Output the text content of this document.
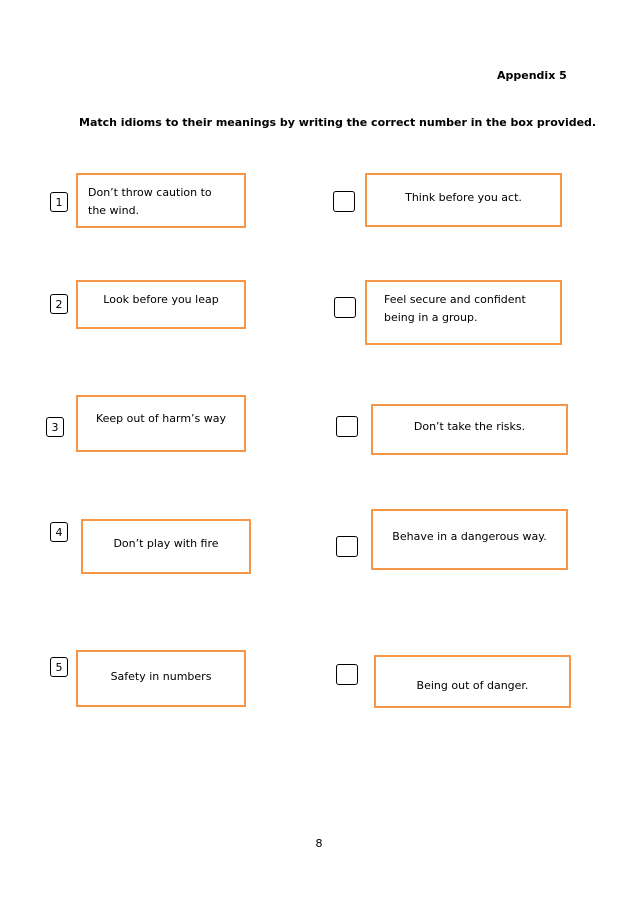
Appendix 5
Match idioms to their meanings by writing the correct number in the box provided.
1
Don’t throw caution to the wind.
Think before you act.
2	Look before you leap	Feel secure and confident being in a group.
3
Keep out of harm’s way
Don’t take the risks.
4
Don’t play with fire
Behave in a dangerous way.
5
Safety in numbers
Being out of danger.
8
